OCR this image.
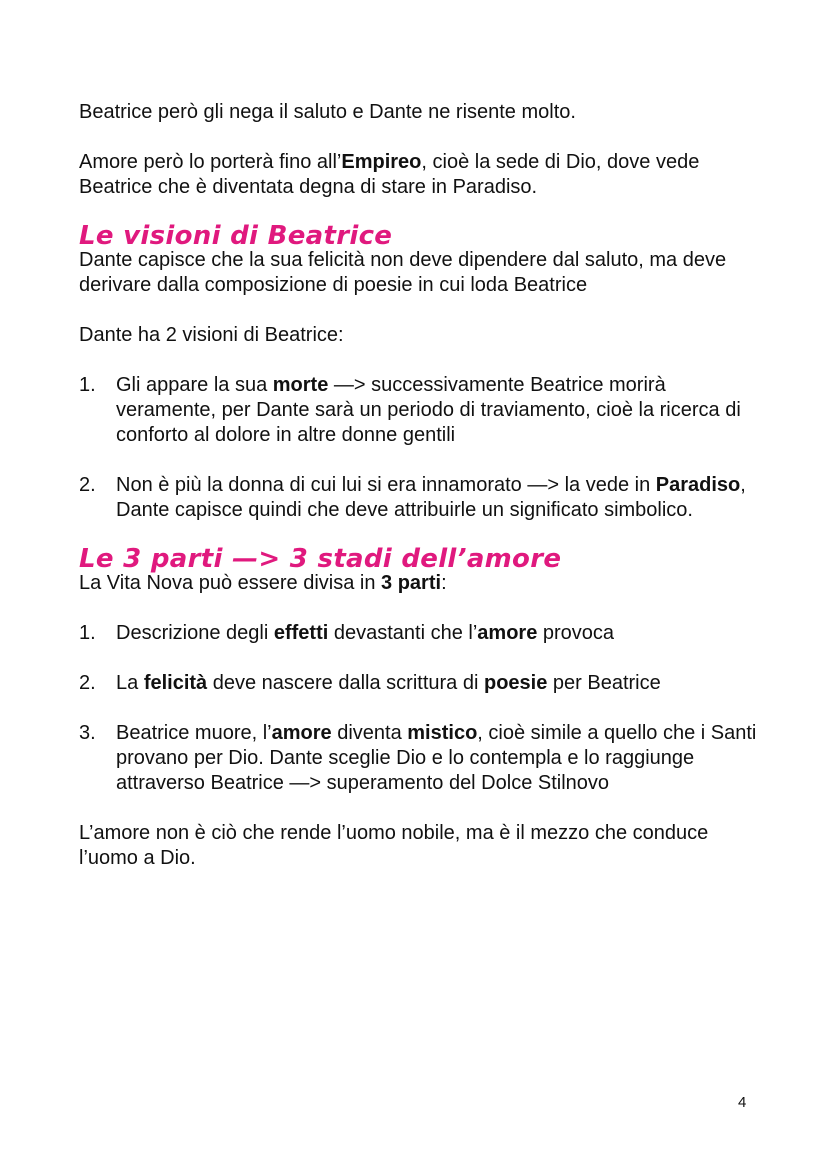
Beatrice però gli nega il saluto e Dante ne risente molto.

Amore però lo porterà fino all’Empireo, cioè la sede di Dio, dove vede Beatrice che è diventata degna di stare in Paradiso.

Le visioni di Beatrice

Dante capisce che la sua felicità non deve dipendere dal saluto, ma deve derivare dalla composizione di poesie in cui loda Beatrice

Dante ha 2 visioni di Beatrice:

1. Gli appare la sua morte —> successivamente Beatrice morirà veramente, per Dante sarà un periodo di traviamento, cioè la ricerca di conforto al dolore in altre donne gentili
2. Non è più la donna di cui lui si era innamorato —> la vede in Paradiso, Dante capisce quindi che deve attribuirle un significato simbolico.
Le 3 parti —> 3 stadi dell’amore

La Vita Nova può essere divisa in 3 parti:

1. Descrizione degli effetti devastanti che l’amore provoca
2. La felicità deve nascere dalla scrittura di poesie per Beatrice
3. Beatrice muore, l’amore diventa mistico, cioè simile a quello che i Santi provano per Dio. Dante sceglie Dio e lo contempla e lo raggiunge attraverso Beatrice —> superamento del Dolce Stilnovo

L’amore non è ciò che rende l’uomo nobile, ma è il mezzo che conduce l’uomo a Dio.

4
